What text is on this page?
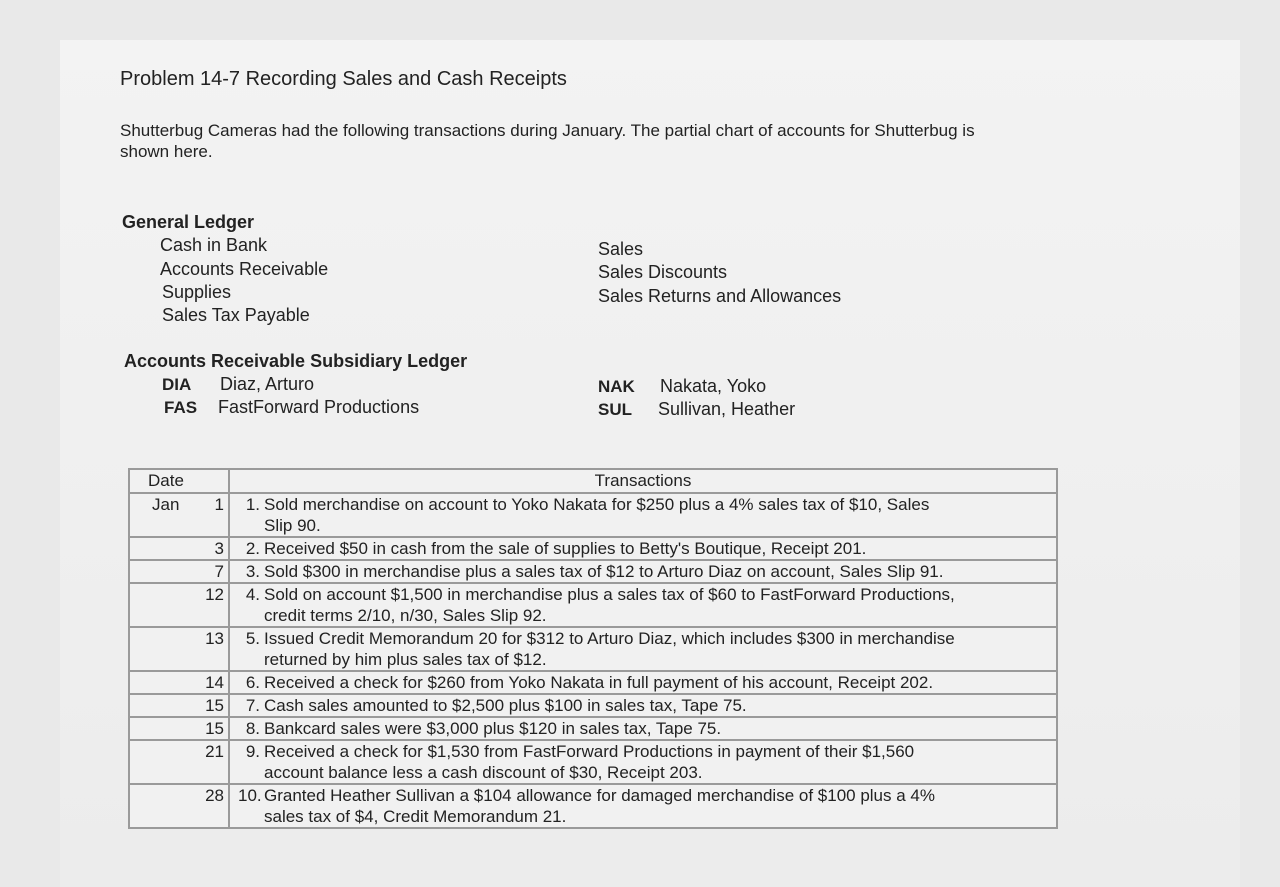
Problem 14-7 Recording Sales and Cash Receipts
Shutterbug Cameras had the following transactions during January. The partial chart of accounts for Shutterbug is shown here.
General Ledger
Cash in Bank
Accounts Receivable
Supplies
Sales Tax Payable
Sales
Sales Discounts
Sales Returns and Allowances
Accounts Receivable Subsidiary Ledger
DIA Diaz, Arturo
FAS FastForward Productions
NAK Nakata, Yoko
SUL Sullivan, Heather
Date	Transactions

Jan 1	1. Sold merchandise on account to Yoko Nakata for $250 plus a 4% sales tax of $10, Sales
Slip 90.

3	2. Received $50 in cash from the sale of supplies to Betty's Boutique, Receipt 201.
7	3. Sold $300 in merchandise plus a sales tax of $12 to Arturo Diaz on account, Sales Slip 91.
12	4. Sold on account $1,500 in merchandise plus a sales tax of $60 to FastForward Productions,
credit terms 2/10, n/30, Sales Slip 92.

13	5. Issued Credit Memorandum 20 for $312 to Arturo Diaz, which includes $300 in merchandise
returned by him plus sales tax of $12.

14	6. Received a check for $260 from Yoko Nakata in full payment of his account, Receipt 202.
15	7. Cash sales amounted to $2,500 plus $100 in sales tax, Tape 75.
15	8. Bankcard sales were $3,000 plus $120 in sales tax, Tape 75.
21	9. Received a check for $1,530 from FastForward Productions in payment of their $1,560
account balance less a cash discount of $30, Receipt 203.

28	10. Granted Heather Sullivan a $104 allowance for damaged merchandise of $100 plus a 4%
sales tax of $4, Credit Memorandum 21.
